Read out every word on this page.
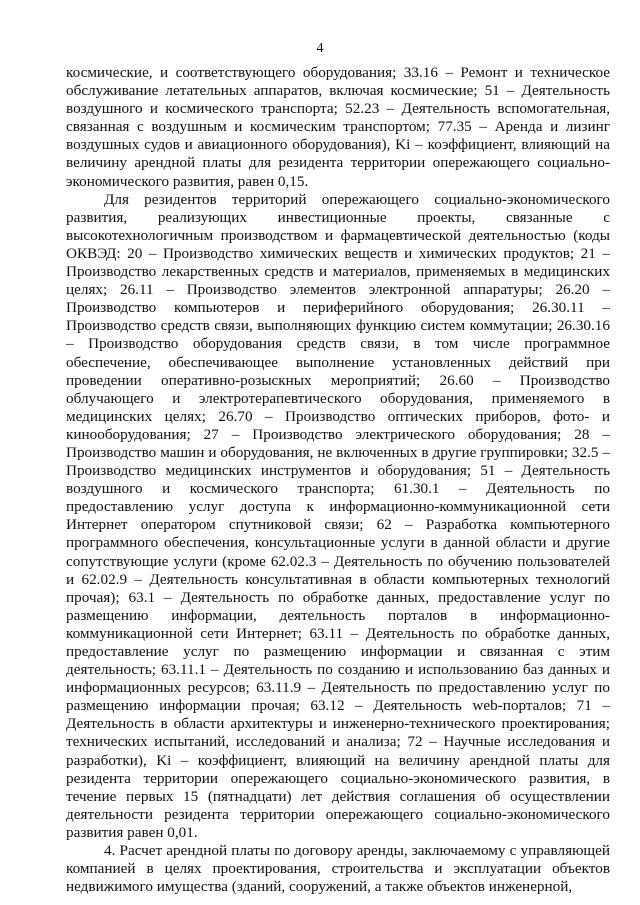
4

космические, и соответствующего оборудования; 33.16 – Ремонт и техническое обслуживание летательных аппаратов, включая космические; 51 – Деятельность воздушного и космического транспорта; 52.23 – Деятельность вспомогательная, связанная с воздушным и космическим транспортом; 77.35 – Аренда и лизинг воздушных судов и авиационного оборудования), Ki – коэффициент, влияющий на величину арендной платы для резидента территории опережающего социально-экономического развития, равен 0,15.

Для резидентов территорий опережающего социально-экономического развития, реализующих инвестиционные проекты, связанные с высокотехнологичным производством и фармацевтической деятельностью (коды ОКВЭД: 20 – Производство химических веществ и химических продуктов; 21 – Производство лекарственных средств и материалов, применяемых в медицинских целях; 26.11 – Производство элементов электронной аппаратуры; 26.20 – Производство компьютеров и периферийного оборудования; 26.30.11 – Производство средств связи, выполняющих функцию систем коммутации; 26.30.16 – Производство оборудования средств связи, в том числе программное обеспечение, обеспечивающее выполнение установленных действий при проведении оперативно-розыскных мероприятий; 26.60 – Производство облучающего и электротерапевтического оборудования, применяемого в медицинских целях; 26.70 – Производство оптических приборов, фото- и кинооборудования; 27 – Производство электрического оборудования; 28 – Производство машин и оборудования, не включенных в другие группировки; 32.5 – Производство медицинских инструментов и оборудования; 51 – Деятельность воздушного и космического транспорта; 61.30.1 – Деятельность по предоставлению услуг доступа к информационно-коммуникационной сети Интернет оператором спутниковой связи; 62 – Разработка компьютерного программного обеспечения, консультационные услуги в данной области и другие сопутствующие услуги (кроме 62.02.3 – Деятельность по обучению пользователей и 62.02.9 – Деятельность консультативная в области компьютерных технологий прочая); 63.1 – Деятельность по обработке данных, предоставление услуг по размещению информации, деятельность порталов в информационно-коммуникационной сети Интернет; 63.11 – Деятельность по обработке данных, предоставление услуг по размещению информации и связанная с этим деятельность; 63.11.1 – Деятельность по созданию и использованию баз данных и информационных ресурсов; 63.11.9 – Деятельность по предоставлению услуг по размещению информации прочая; 63.12 – Деятельность web-порталов; 71 –Деятельность в области архитектуры и инженерно-технического проектирования; технических испытаний, исследований и анализа; 72 – Научные исследования и разработки), Ki – коэффициент, влияющий на величину арендной платы для резидента территории опережающего социально-экономического развития, в течение первых 15 (пятнадцати) лет действия соглашения об осуществлении деятельности резидента территории опережающего социально-экономического развития равен 0,01.

4. Расчет арендной платы по договору аренды, заключаемому с управляющей компанией в целях проектирования, строительства и эксплуатации объектов недвижимого имущества (зданий, сооружений, а также объектов инженерной,
